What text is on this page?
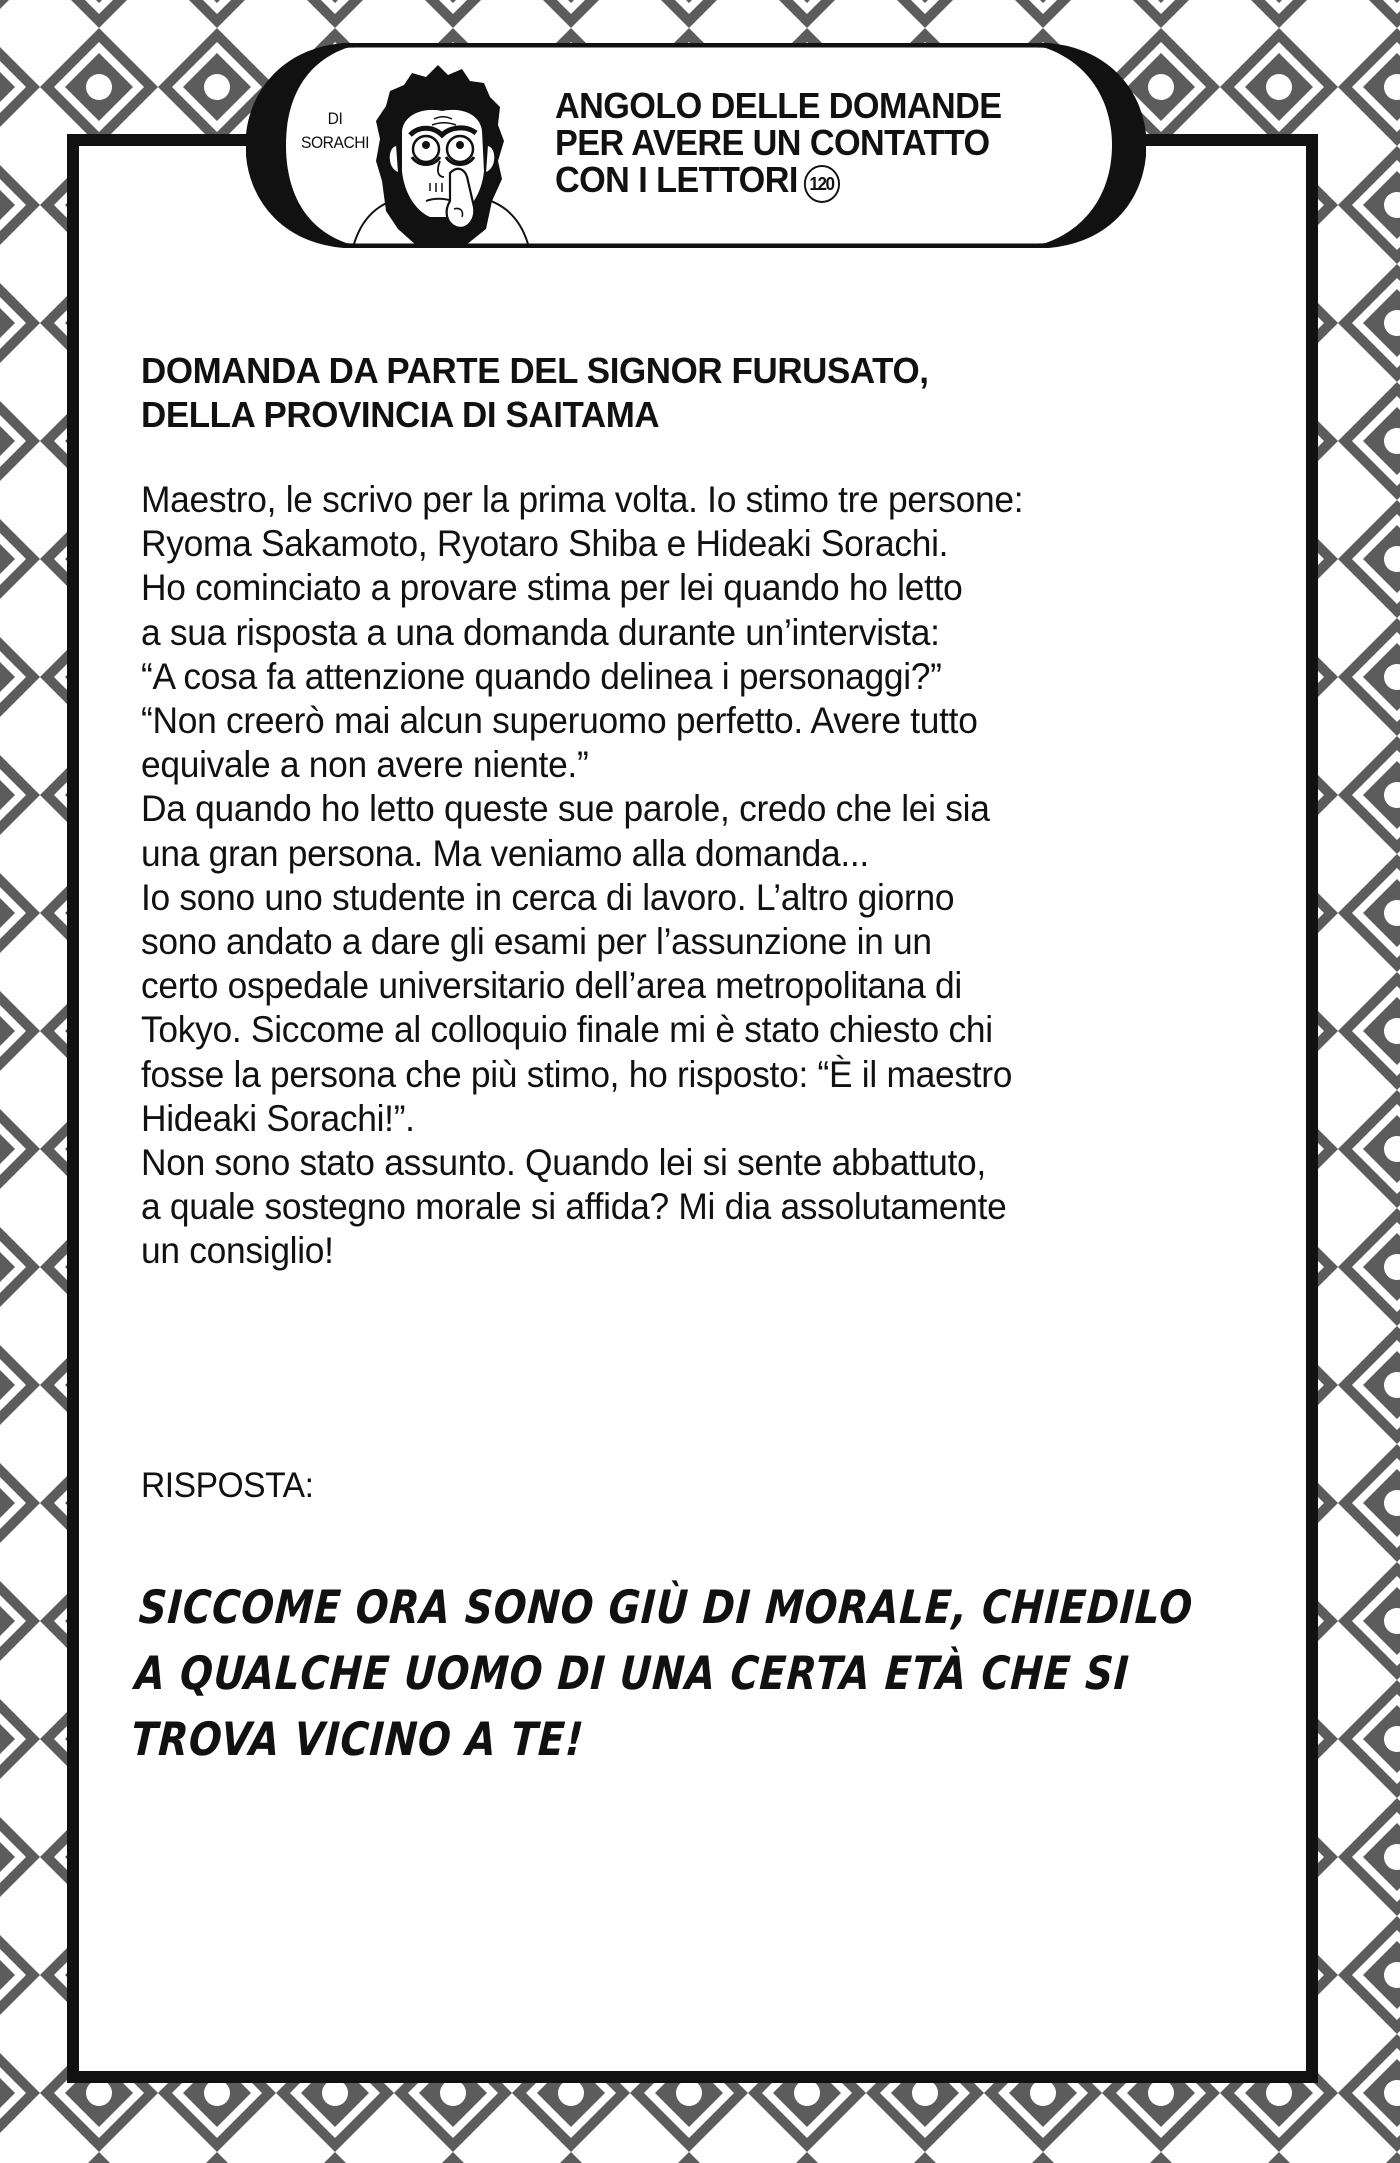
DI
SORACHI
ANGOLO DELLE DOMANDE
PER AVERE UN CONTATTO
CON I LETTORI 120
DOMANDA DA PARTE DEL SIGNOR FURUSATO,
DELLA PROVINCIA DI SAITAMA
Maestro, le scrivo per la prima volta. Io stimo tre persone:
Ryoma Sakamoto, Ryotaro Shiba e Hideaki Sorachi.
Ho cominciato a provare stima per lei quando ho letto
a sua risposta a una domanda durante un’intervista:
“A cosa fa attenzione quando delinea i personaggi?”
“Non creerò mai alcun superuomo perfetto. Avere tutto
equivale a non avere niente.”
Da quando ho letto queste sue parole, credo che lei sia
una gran persona. Ma veniamo alla domanda...
Io sono uno studente in cerca di lavoro. L’altro giorno
sono andato a dare gli esami per l’assunzione in un
certo ospedale universitario dell’area metropolitana di
Tokyo. Siccome al colloquio finale mi è stato chiesto chi
fosse la persona che più stimo, ho risposto: “È il maestro
Hideaki Sorachi!”.
Non sono stato assunto. Quando lei si sente abbattuto,
a quale sostegno morale si affida? Mi dia assolutamente
un consiglio!
RISPOSTA:
SICCOME ORA SONO GIÙ DI MORALE, CHIEDILO
A QUALCHE UOMO DI UNA CERTA ETÀ CHE SI
TROVA VICINO A TE!
